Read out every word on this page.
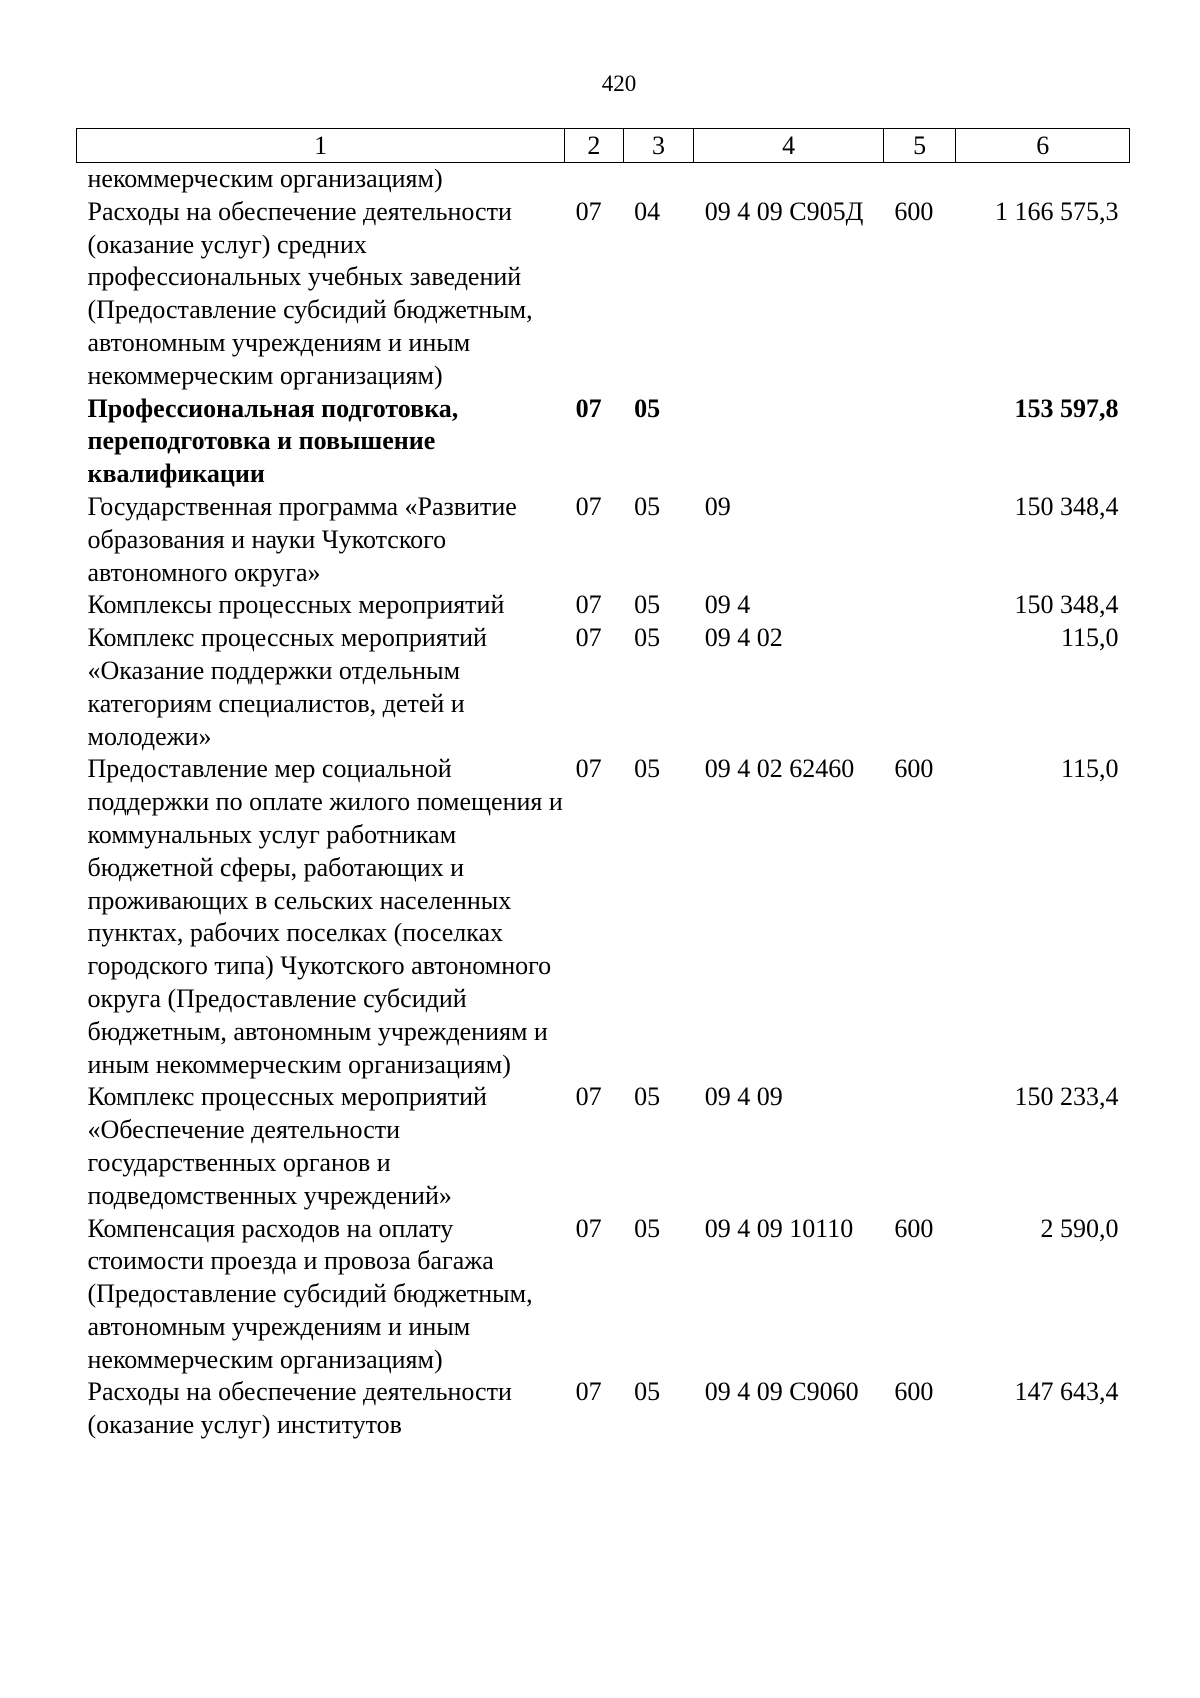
420
1	2	3	4	5	6
некоммерческим организациям)					
Расходы на обеспечение деятельности (оказание услуг) средних профессиональных учебных заведений (Предоставление субсидий бюджетным, автономным учреждениям и иным некоммерческим организациям)	07	04	09 4 09 С905Д	600	1 166 575,3
Профессиональная подготовка, переподготовка и повышение квалификации	07	05			153 597,8
Государственная программа «Развитие образования и науки Чукотского автономного округа»	07	05	09		150 348,4
Комплексы процессных мероприятий	07	05	09 4		150 348,4
Комплекс процессных мероприятий «Оказание поддержки отдельным категориям специалистов, детей и молодежи»	07	05	09 4 02		115,0
Предоставление мер социальной поддержки по оплате жилого помещения и коммунальных услуг работникам бюджетной сферы, работающих и проживающих в сельских населенных пунктах, рабочих поселках (поселках городского типа) Чукотского автономного округа (Предоставление субсидий бюджетным, автономным учреждениям и иным некоммерческим организациям)	07	05	09 4 02 62460	600	115,0
Комплекс процессных мероприятий «Обеспечение деятельности государственных органов и подведомственных учреждений»	07	05	09 4 09		150 233,4
Компенсация расходов на оплату стоимости проезда и провоза багажа (Предоставление субсидий бюджетным, автономным учреждениям и иным некоммерческим организациям)	07	05	09 4 09 10110	600	2 590,0
Расходы на обеспечение деятельности (оказание услуг) институтов	07	05	09 4 09 С9060	600	147 643,4
